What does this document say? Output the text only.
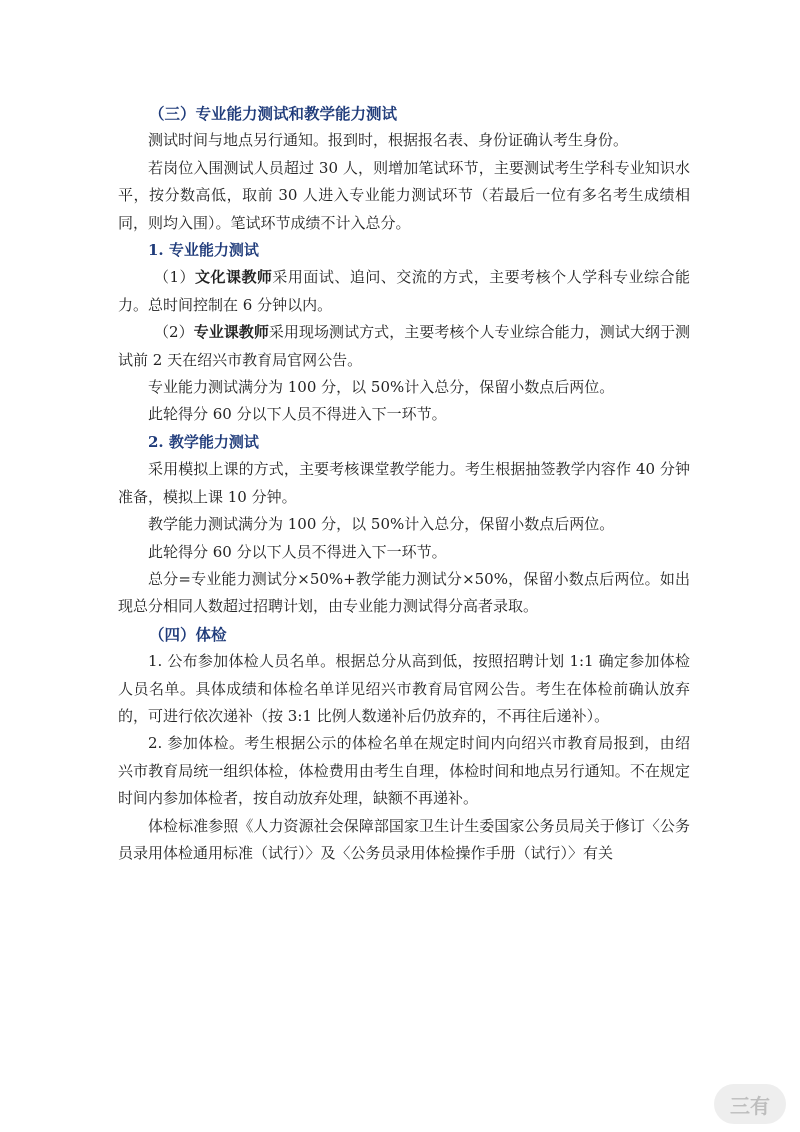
（三）专业能力测试和教学能力测试

测试时间与地点另行通知。报到时，根据报名表、身份证确认考生身份。

若岗位入围测试人员超过 30 人，则增加笔试环节，主要测试考生学科专业知识水平，按分数高低，取前 30 人进入专业能力测试环节（若最后一位有多名考生成绩相同，则均入围）。笔试环节成绩不计入总分。

1. 专业能力测试

（1）文化课教师采用面试、追问、交流的方式，主要考核个人学科专业综合能力。总时间控制在 6 分钟以内。

（2）专业课教师采用现场测试方式，主要考核个人专业综合能力，测试大纲于测试前 2 天在绍兴市教育局官网公告。

专业能力测试满分为 100 分，以 50%计入总分，保留小数点后两位。

此轮得分 60 分以下人员不得进入下一环节。

2. 教学能力测试

采用模拟上课的方式，主要考核课堂教学能力。考生根据抽签教学内容作 40 分钟准备，模拟上课 10 分钟。

教学能力测试满分为 100 分，以 50%计入总分，保留小数点后两位。

此轮得分 60 分以下人员不得进入下一环节。

总分=专业能力测试分×50%+教学能力测试分×50%，保留小数点后两位。如出现总分相同人数超过招聘计划，由专业能力测试得分高者录取。

（四）体检

1. 公布参加体检人员名单。根据总分从高到低，按照招聘计划 1:1 确定参加体检人员名单。具体成绩和体检名单详见绍兴市教育局官网公告。考生在体检前确认放弃的，可进行依次递补（按 3:1 比例人数递补后仍放弃的，不再往后递补）。

2. 参加体检。考生根据公示的体检名单在规定时间内向绍兴市教育局报到，由绍兴市教育局统一组织体检，体检费用由考生自理，体检时间和地点另行通知。不在规定时间内参加体检者，按自动放弃处理，缺额不再递补。

体检标准参照《人力资源社会保障部国家卫生计生委国家公务员局关于修订〈公务员录用体检通用标准（试行）〉及〈公务员录用体检操作手册（试行）〉有关

三有
